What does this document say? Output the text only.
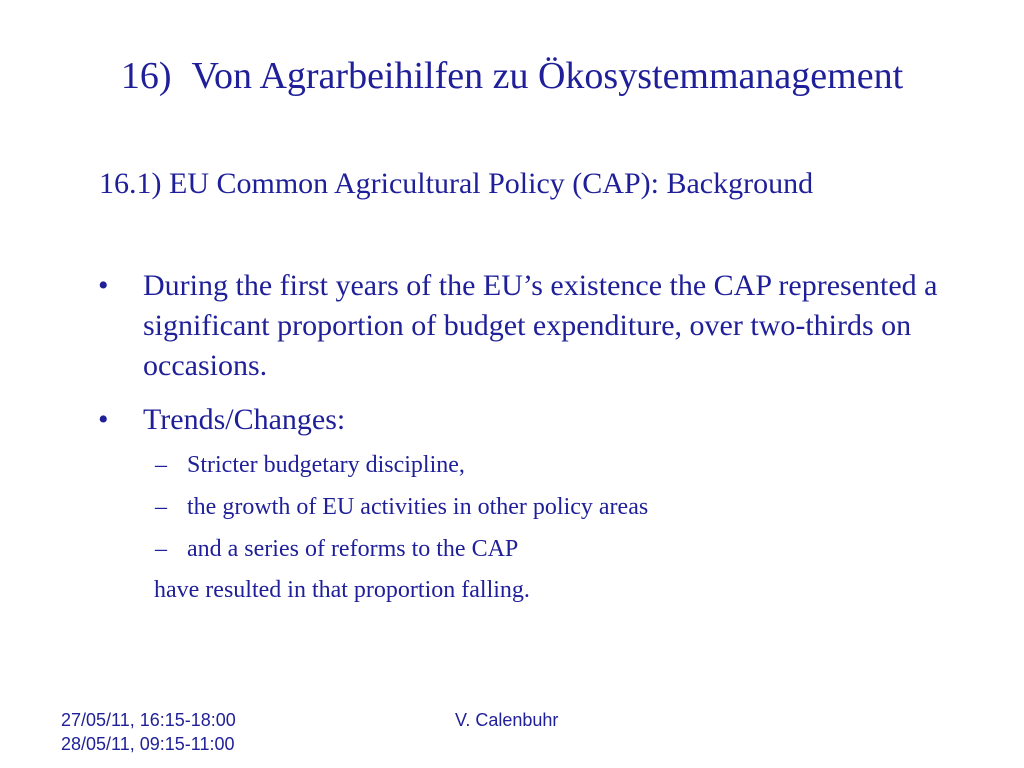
16) Von Agrarbeihilfen zu Ökosystemmanagement
16.1) EU Common Agricultural Policy (CAP): Background
• During the first years of the EU’s existence the CAP represented a significant proportion of budget expenditure, over two-thirds on occasions.
• Trends/Changes:
– Stricter budgetary discipline,
– the growth of EU activities in other policy areas
– and a series of reforms to the CAP
have resulted in that proportion falling.
27/05/11, 16:15-18:00
28/05/11, 09:15-11:00
V. Calenbuhr
